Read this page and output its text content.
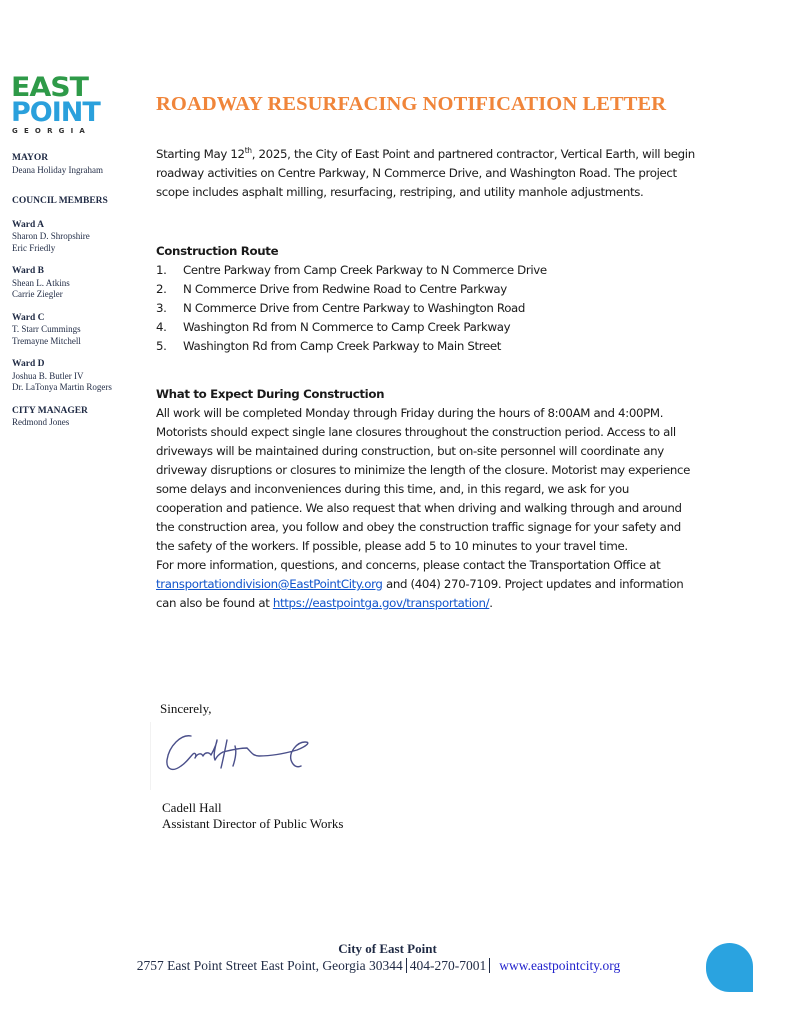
EAST
POINT
GEORGIA
MAYOR
Deana Holiday Ingraham
COUNCIL MEMBERS
Ward A
Sharon D. Shropshire
Eric Friedly
Ward B
Shean L. Atkins
Carrie Ziegler
Ward C
T. Starr Cummings
Tremayne Mitchell
Ward D
Joshua B. Butler IV
Dr. LaTonya Martin Rogers
CITY MANAGER
Redmond Jones
ROADWAY RESURFACING NOTIFICATION LETTER

Starting May 12th, 2025, the City of East Point and partnered contractor, Vertical Earth, will begin roadway activities on Centre Parkway, N Commerce Drive, and Washington Road. The project scope includes asphalt milling, resurfacing, restriping, and utility manhole adjustments.

Construction Route
1.	Centre Parkway from Camp Creek Parkway to N Commerce Drive
2.	N Commerce Drive from Redwine Road to Centre Parkway
3.	N Commerce Drive from Centre Parkway to Washington Road
4.	Washington Rd from N Commerce to Camp Creek Parkway
5.	Washington Rd from Camp Creek Parkway to Main Street
What to Expect During Construction

All work will be completed Monday through Friday during the hours of 8:00AM and 4:00PM. Motorists should expect single lane closures throughout the construction period. Access to all driveways will be maintained during construction, but on-site personnel will coordinate any driveway disruptions or closures to minimize the length of the closure. Motorist may experience some delays and inconveniences during this time, and, in this regard, we ask for you cooperation and patience. We also request that when driving and walking through and around the construction area, you follow and obey the construction traffic signage for your safety and the safety of the workers. If possible, please add 5 to 10 minutes to your travel time.

For more information, questions, and concerns, please contact the Transportation Office at transportationdivision@EastPointCity.org and (404) 270-7109. Project updates and information can also be found at https://eastpointga.gov/transportation/.

Sincerely,
Cadell Hall
Assistant Director of Public Works
City of East Point
2757 East Point Street East Point, Georgia 30344 404-270-7001 www.eastpointcity.org
